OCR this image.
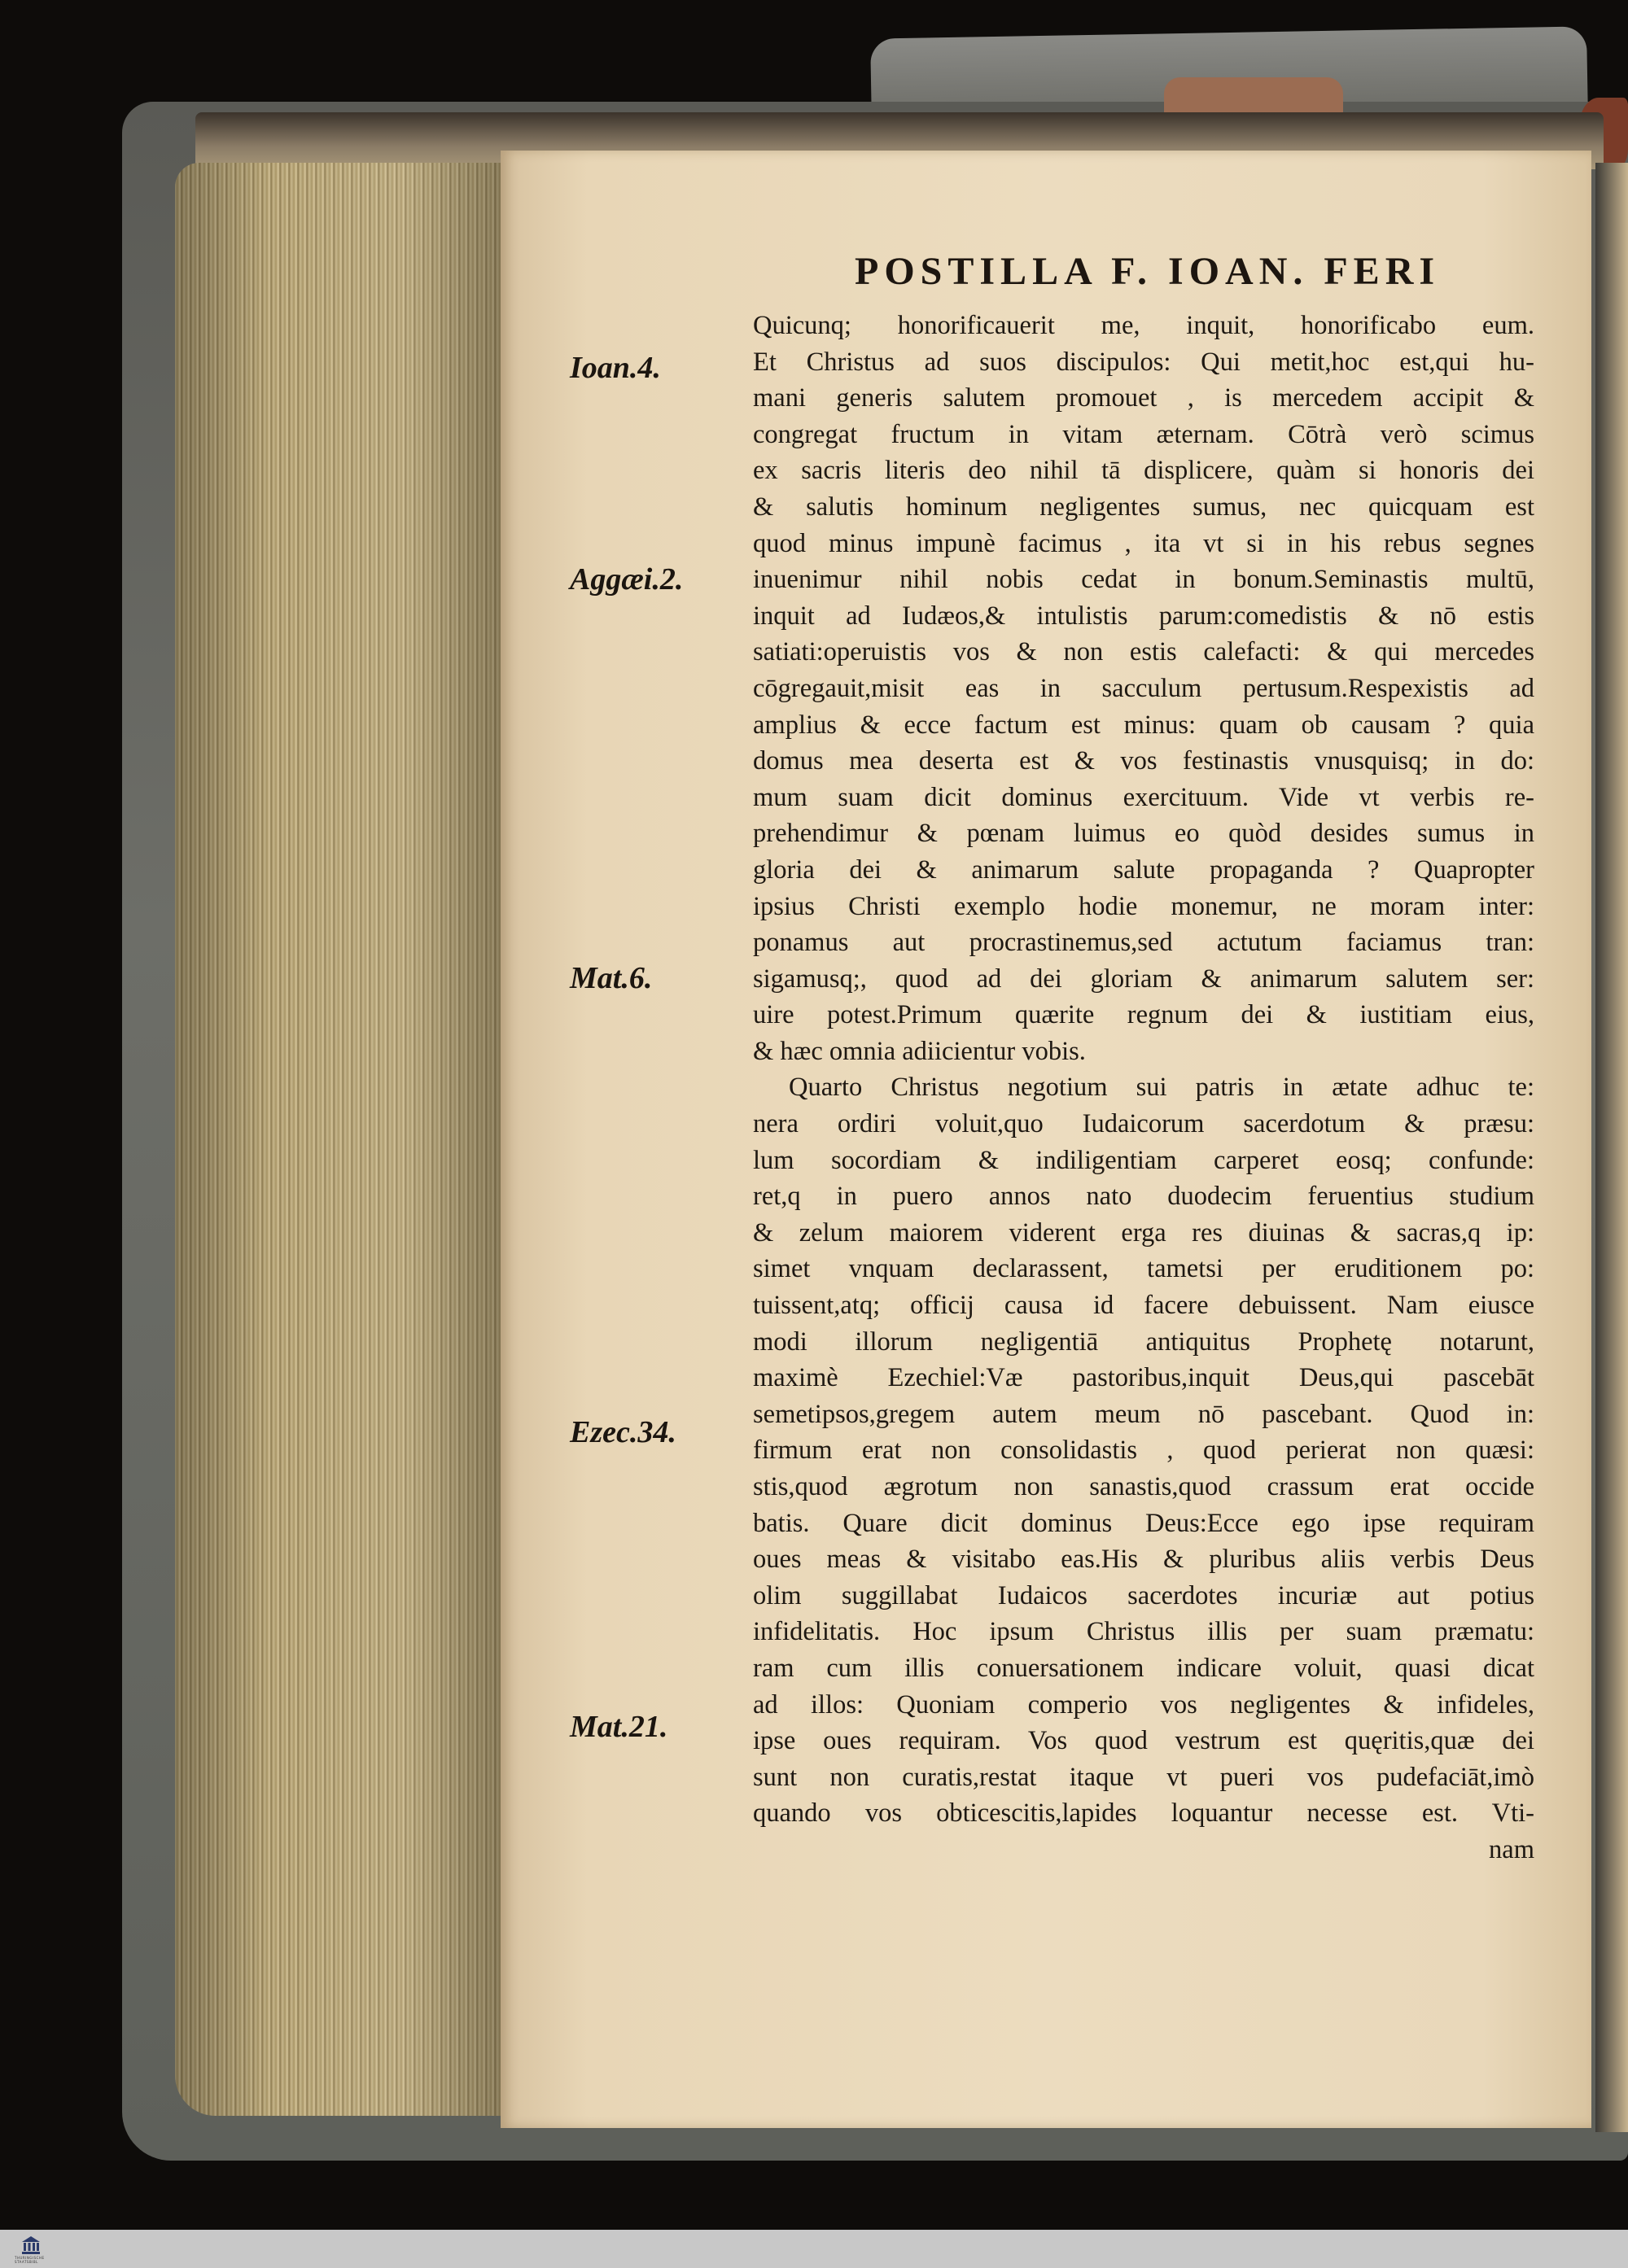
POSTILLA F. IOAN. FERI
Ioan.4.
Aggæi.2.
Mat.6.
Ezec.34.
Mat.21.
Quicunq; honorificauerit me, inquit, honorificabo eum.
Et Christus ad suos discipulos: Qui metit,hoc est,qui hu-
mani generis salutem promouet , is mercedem accipit &
congregat fructum in vitam æternam. Cōtrà verò scimus
ex sacris literis deo nihil tā displicere, quàm si honoris dei
& salutis hominum negligentes sumus, nec quicquam est
quod minus impunè facimus , ita vt si in his rebus segnes
inuenimur nihil nobis cedat in bonum.Seminastis multū,
inquit ad Iudæos,& intulistis parum:comedistis & nō estis
satiati:operuistis vos & non estis calefacti: & qui mercedes
cōgregauit,misit eas in sacculum pertusum.Respexistis ad
amplius & ecce factum est minus: quam ob causam ? quia
domus mea deserta est & vos festinastis vnusquisq; in do:
mum suam dicit dominus exercituum. Vide vt verbis re-
prehendimur & pœnam luimus eo quòd desides sumus in
gloria dei & animarum salute propaganda ? Quapropter
ipsius Christi exemplo hodie monemur, ne moram inter:
ponamus aut procrastinemus,sed actutum faciamus tran:
sigamusq;, quod ad dei gloriam & animarum salutem ser:
uire potest.Primum quærite regnum dei & iustitiam eius,
& hæc omnia adiicientur vobis.
Quarto Christus negotium sui patris in ætate adhuc te:
nera ordiri voluit,quo Iudaicorum sacerdotum & præsu:
lum socordiam & indiligentiam carperet eosq; confunde:
ret,q in puero annos nato duodecim feruentius studium
& zelum maiorem viderent erga res diuinas & sacras,q ip:
simet vnquam declarassent, tametsi per eruditionem po:
tuissent,atq; officij causa id facere debuissent. Nam eiusce
modi illorum negligentiā antiquitus Prophetę notarunt,
maximè Ezechiel:Væ pastoribus,inquit Deus,qui pascebāt
semetipsos,gregem autem meum nō pascebant. Quod in:
firmum erat non consolidastis , quod perierat non quæsi:
stis,quod ægrotum non sanastis,quod crassum erat occide
batis. Quare dicit dominus Deus:Ecce ego ipse requiram
oues meas & visitabo eas.His & pluribus aliis verbis Deus
olim suggillabat Iudaicos sacerdotes incuriæ aut potius
infidelitatis. Hoc ipsum Christus illis per suam præmatu:
ram cum illis conuersationem indicare voluit, quasi dicat
ad illos: Quoniam comperio vos negligentes & infideles,
ipse oues requiram. Vos quod vestrum est quęritis,quæ dei
sunt non curatis,restat itaque vt pueri vos pudefaciāt,imò
quando vos obticescitis,lapides loquantur necesse est. Vti-
nam
THURINGISCHE STAATSBIBL
